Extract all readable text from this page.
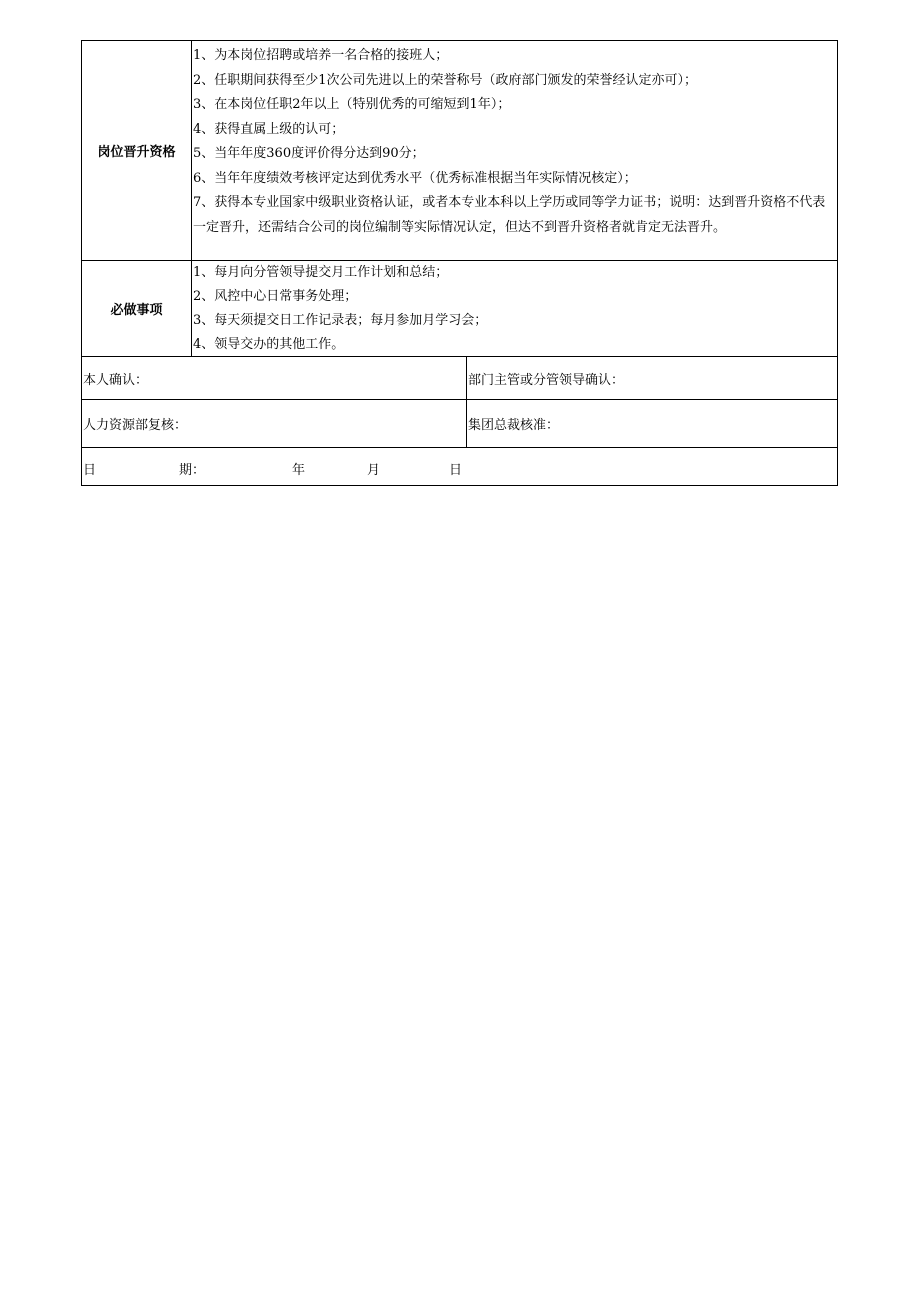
岗位晋升资格
1、为本岗位招聘或培养一名合格的接班人；
2、任职期间获得至少1次公司先进以上的荣誉称号（政府部门颁发的荣誉经认定亦可）；
3、在本岗位任职2年以上（特别优秀的可缩短到1年）；
4、获得直属上级的认可；
5、当年年度360度评价得分达到90分；
6、当年年度绩效考核评定达到优秀水平（优秀标准根据当年实际情况核定）；
7、获得本专业国家中级职业资格认证，或者本专业本科以上学历或同等学力证书；说明：达到晋升资格不代表一定晋升，还需结合公司的岗位编制等实际情况认定，但达不到晋升资格者就肯定无法晋升。
必做事项
1、每月向分管领导提交月工作计划和总结；
2、风控中心日常事务处理；
3、每天须提交日工作记录表；每月参加月学习会；
4、领导交办的其他工作。
本人确认：	部门主管或分管领导确认：
人力资源部复核：	集团总裁核准：
日	期：	年	月	日
